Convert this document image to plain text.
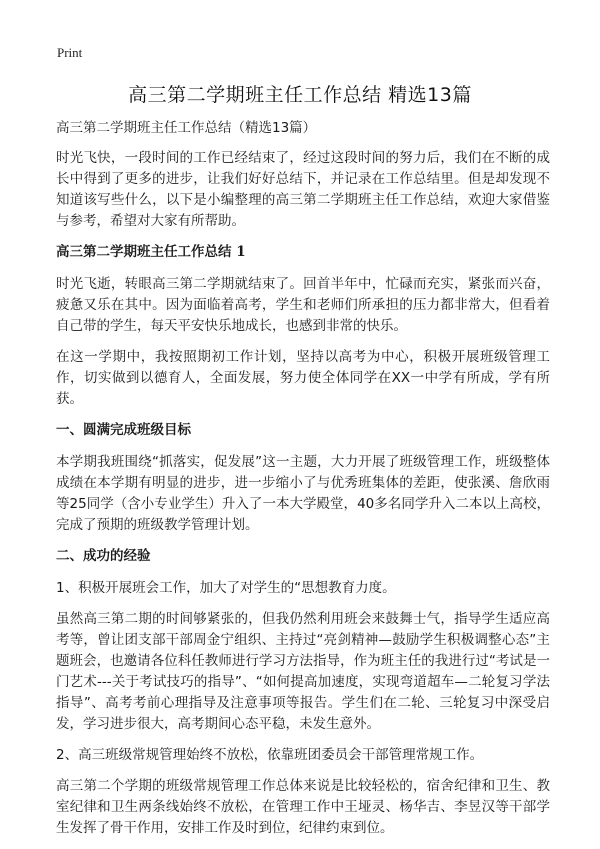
Print
高三第二学期班主任工作总结 精选13篇
高三第二学期班主任工作总结（精选13篇）

时光飞快，一段时间的工作已经结束了，经过这段时间的努力后，我们在不断的成长中得到了更多的进步，让我们好好总结下，并记录在工作总结里。但是却发现不知道该写些什么，以下是小编整理的高三第二学期班主任工作总结，欢迎大家借鉴与参考，希望对大家有所帮助。

高三第二学期班主任工作总结 1

时光飞逝，转眼高三第二学期就结束了。回首半年中，忙碌而充实，紧张而兴奋，疲惫又乐在其中。因为面临着高考，学生和老师们所承担的压力都非常大，但看着自己带的学生，每天平安快乐地成长，也感到非常的快乐。

在这一学期中，我按照期初工作计划，坚持以高考为中心，积极开展班级管理工作，切实做到以德育人，全面发展，努力使全体同学在XX一中学有所成，学有所获。

一、圆满完成班级目标

本学期我班围绕“抓落实，促发展”这一主题，大力开展了班级管理工作，班级整体成绩在本学期有明显的进步，进一步缩小了与优秀班集体的差距，使张溪、詹欣雨等25同学（含小专业学生）升入了一本大学殿堂，40多名同学升入二本以上高校，完成了预期的班级教学管理计划。

二、成功的经验

1、积极开展班会工作，加大了对学生的“思想教育力度。

虽然高三第二期的时间够紧张的，但我仍然利用班会来鼓舞士气，指导学生适应高考等，曾让团支部干部周金宁组织、主持过“亮剑精神—鼓励学生积极调整心态”主题班会，也邀请各位科任教师进行学习方法指导，作为班主任的我进行过“考试是一门艺术---关于考试技巧的指导”、“如何提高加速度，实现弯道超车—二轮复习学法指导”、高考考前心理指导及注意事项等报告。学生们在二轮、三轮复习中深受启发，学习进步很大，高考期间心态平稳，未发生意外。

2、高三班级常规管理始终不放松，依靠班团委员会干部管理常规工作。

高三第二个学期的班级常规管理工作总体来说是比较轻松的，宿舍纪律和卫生、教室纪律和卫生两条线始终不放松，在管理工作中王垭灵、杨华吉、李昱汉等干部学生发挥了骨干作用，安排工作及时到位，纪律约束到位。
